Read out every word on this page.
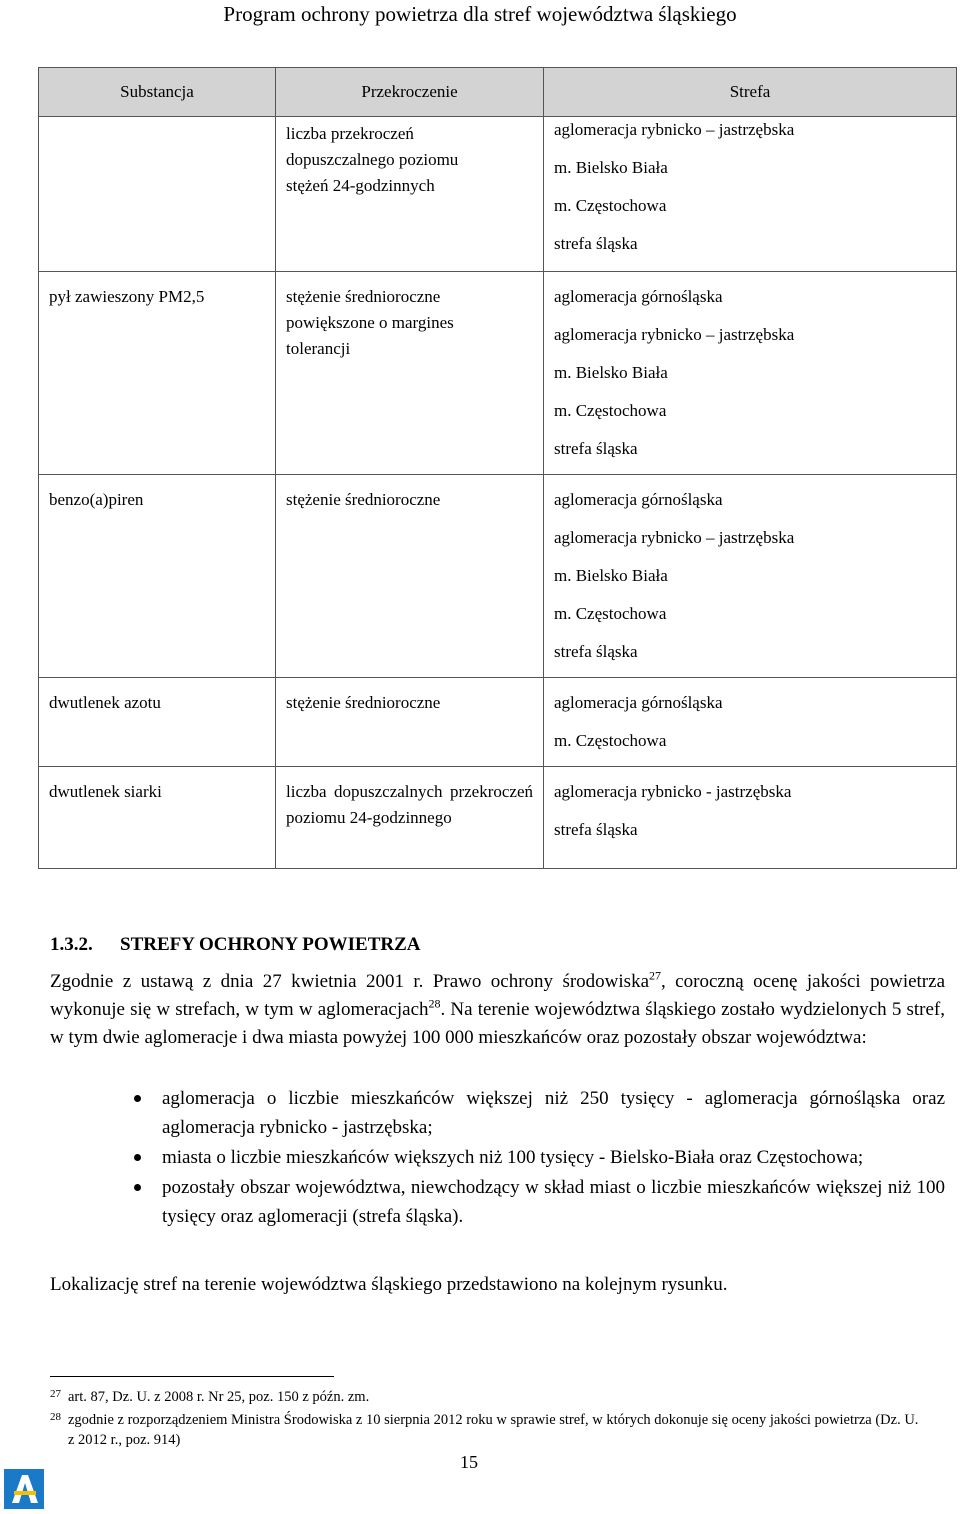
Program ochrony powietrza dla stref województwa śląskiego
Substancja	Przekroczenie	Strefa

	liczba przekroczeń dopuszczalnego poziomu stężeń 24-godzinnych	aglomeracja rybnicko – jastrzębska
m. Bielsko Biała
m. Częstochowa
strefa śląska

pył zawieszony PM2,5	stężenie średnioroczne powiększone o margines tolerancji	aglomeracja górnośląska
aglomeracja rybnicko – jastrzębska
m. Bielsko Biała
m. Częstochowa
strefa śląska

benzo(a)piren	stężenie średnioroczne	aglomeracja górnośląska
aglomeracja rybnicko – jastrzębska
m. Bielsko Biała
m. Częstochowa
strefa śląska

dwutlenek azotu	stężenie średnioroczne	aglomeracja górnośląska
m. Częstochowa

dwutlenek siarki	liczba dopuszczalnych przekroczeń poziomu 24-godzinnego	aglomeracja rybnicko - jastrzębska
strefa śląska
1.3.2. STREFY OCHRONY POWIETRZA
Zgodnie z ustawą z dnia 27 kwietnia 2001 r. Prawo ochrony środowiska$^{27}$, coroczną ocenę jakości powietrza wykonuje się w strefach, w tym w aglomeracjach$^{28}$. Na terenie województwa śląskiego zostało wydzielonych 5 stref, w tym dwie aglomeracje i dwa miasta powyżej 100 000 mieszkańców oraz pozostały obszar województwa:
aglomeracja o liczbie mieszkańców większej niż 250 tysięcy - aglomeracja górnośląska oraz aglomeracja rybnicko - jastrzębska;
miasta o liczbie mieszkańców większych niż 100 tysięcy - Bielsko-Biała oraz Częstochowa;
pozostały obszar województwa, niewchodzący w skład miast o liczbie mieszkańców większej niż 100 tysięcy oraz aglomeracji (strefa śląska).
Lokalizację stref na terenie województwa śląskiego przedstawiono na kolejnym rysunku.
27 art. 87, Dz. U. z 2008 r. Nr 25, poz. 150 z późn. zm.
28 zgodnie z rozporządzeniem Ministra Środowiska z 10 sierpnia 2012 roku w sprawie stref, w których dokonuje się oceny jakości powietrza (Dz. U. z 2012 r., poz. 914)
15
